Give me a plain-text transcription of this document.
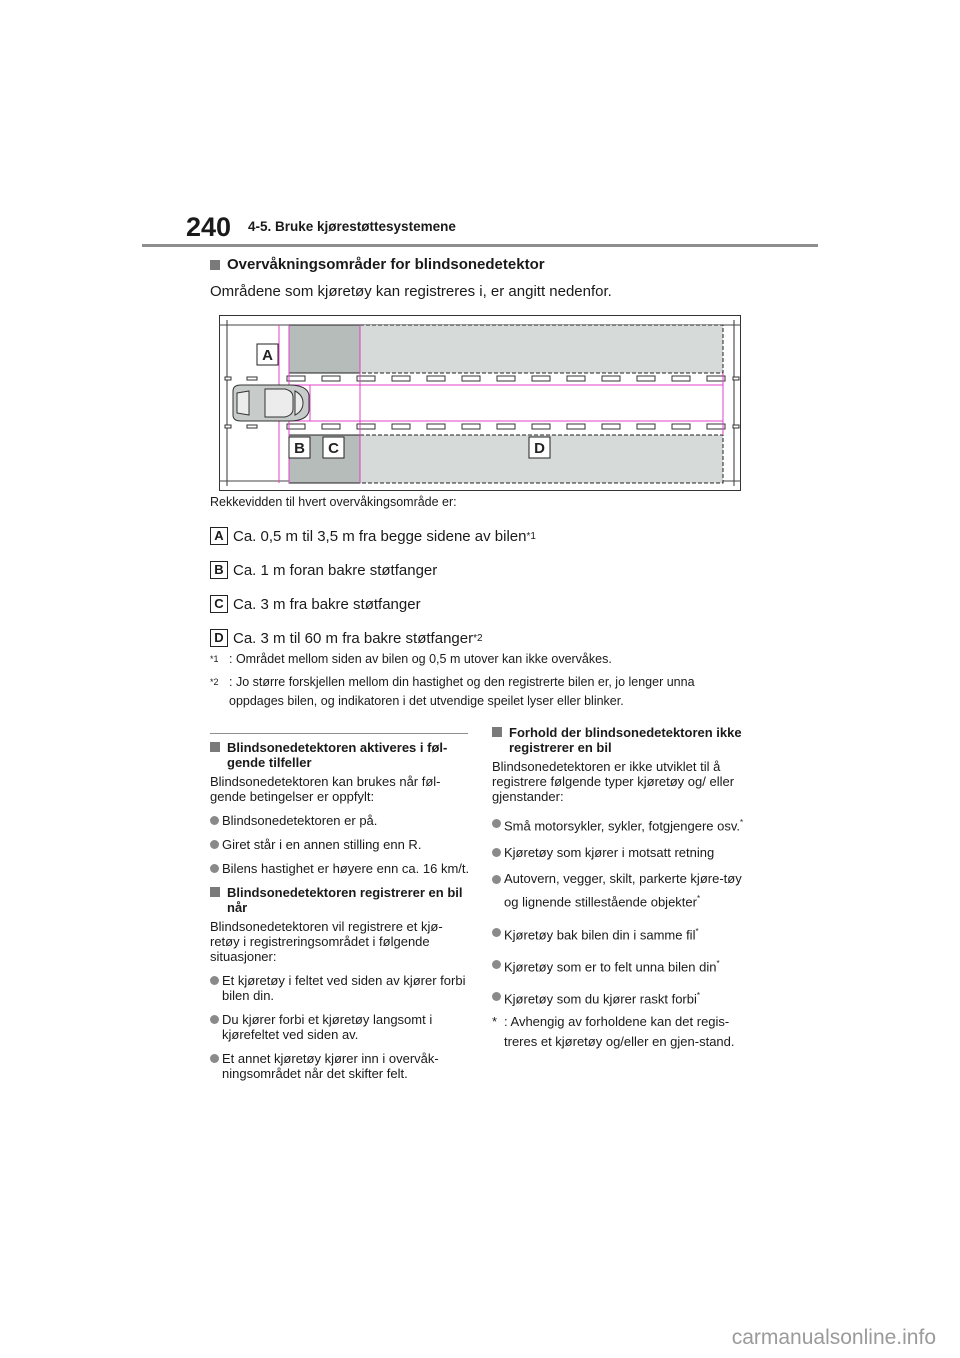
240 4-5. Bruke kjørestøttesystemene
Overvåkningsområder for blindsonedetektor
Områdene som kjøretøy kan registreres i, er angitt nedenfor.
A
B C	D
Rekkevidden til hvert overvåkingsområde er:
A Ca. 0,5 m til 3,5 m fra begge sidene av bilen *1
B Ca. 1 m foran bakre støtfanger
C Ca. 3 m fra bakre støtfanger
D Ca. 3 m til 60 m fra bakre støtfanger *2
$^{*1}$ : Området mellom siden av bilen og 0,5 m utover kan ikke overvåkes.
$^{*2}$ : Jo større forskjellen mellom din hastighet og den registrerte bilen er, jo lenger unna oppdages bilen, og indikatoren i det utvendige speilet lyser eller blinker.
Blindsonedetektoren aktiveres i føl-gende tilfeller
Blindsonedetektoren kan brukes når føl-gende betingelser er oppfylt:
Blindsonedetektoren er på.
Giret står i en annen stilling enn R.
Bilens hastighet er høyere enn ca. 16 km/t.
Blindsonedetektoren registrerer en bil når
Blindsonedetektoren vil registrere et kjø-retøy i registreringsområdet i følgende situasjoner:
Et kjøretøy i feltet ved siden av kjører forbi bilen din.
Du kjører forbi et kjøretøy langsomt i kjørefeltet ved siden av.
Et annet kjøretøy kjører inn i overvåk-ningsområdet når det skifter felt.
Forhold der blindsonedetektoren ikke registrerer en bil
Blindsonedetektoren er ikke utviklet til å registrere følgende typer kjøretøy og/ eller gjenstander:
Små motorsykler, sykler, fotgjengere osv.*
Kjøretøy som kjører i motsatt retning
Autovern, vegger, skilt, parkerte kjøre-tøy og lignende stillestående objekter*
Kjøretøy bak bilen din i samme fil*
Kjøretøy som er to felt unna bilen din*
Kjøretøy som du kjører raskt forbi*
* : Avhengig av forholdene kan det regis-treres et kjøretøy og/eller en gjen-stand.
carmanualsonline.info
